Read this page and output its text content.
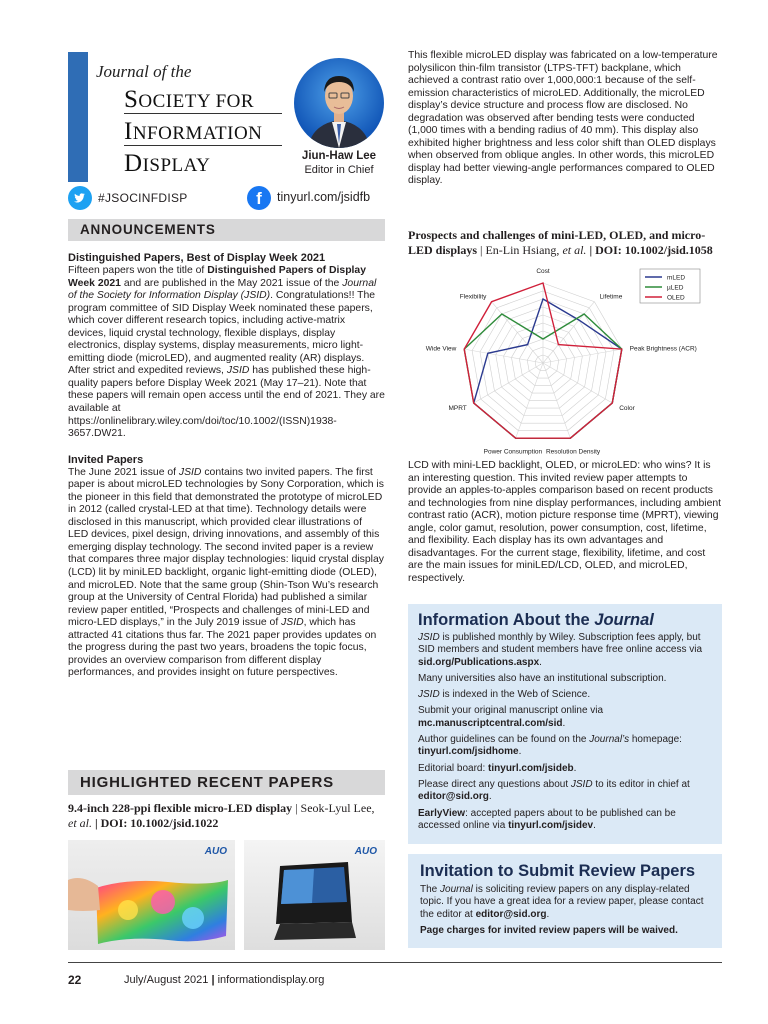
Journal of the
SOCIETY FOR
INFORMATION
DISPLAY	Jiun-Haw Lee
Editor in Chief
#JSOCINFDISP	f	tinyurl.com/jsidfb
ANNOUNCEMENTS
Distinguished Papers, Best of Display Week 2021

Fifteen papers won the title of Distinguished Papers of Display Week 2021 and are published in the May 2021 issue of the Journal of the Society for Information Display (JSID). Congratulations!! The program committee of SID Display Week nominated these papers, which cover different research topics, including active-matrix devices, liquid crystal technology, flexible displays, display electronics, display systems, display measurements, micro light-emitting diode (microLED), and augmented reality (AR) displays. After strict and expedited reviews, JSID has published these high-quality papers before Display Week 2021 (May 17–21). Note that these papers will remain open access until the end of 2021. They are available at https://onlinelibrary.wiley.com/doi/toc/10.1002/(ISSN)1938-3657.DW21.

Invited Papers

The June 2021 issue of JSID contains two invited papers. The first paper is about microLED technologies by Sony Corporation, which is the pioneer in this field that demonstrated the prototype of microLED in 2012 (called crystal-LED at that time). Technology details were disclosed in this manuscript, which provided clear illustrations of LED devices, pixel design, driving innovations, and assembly of this emerging display technology. The second invited paper is a review that compares three major display technologies: liquid crystal display (LCD) lit by miniLED backlight, organic light-emitting diode (OLED), and microLED. Note that the same group (Shin-Tson Wu’s research group at the University of Central Florida) had published a similar review paper entitled, “Prospects and challenges of mini-LED and micro-LED displays,” in the July 2019 issue of JSID, which has attracted 41 citations thus far. The 2021 paper provides updates on the progress during the past two years, broadens the topic focus, provides an overview comparison from different display performances, and provides insight on future perspectives.

HIGHLIGHTED RECENT PAPERS
9.4-inch 228-ppi flexible micro-LED display | Seok-Lyul Lee, et al. | DOI: 10.1002/jsid.1022
AUO	AUO

This flexible microLED display was fabricated on a low-temperature polysilicon thin-film transistor (LTPS-TFT) backplane, which achieved a contrast ratio over 1,000,000:1 because of the self-emission characteristics of microLED. Additionally, the microLED display’s device structure and process flow are disclosed. No degradation was observed after bending tests were conducted (1,000 times with a bending radius of 40 mm). This display also exhibited higher brightness and less color shift than OLED displays when observed from oblique angles. In other words, this microLED display had better viewing-angle performances compared to OLED display.

Prospects and challenges of mini-LED, OLED, and micro-LED displays | En-Lin Hsiang, et al. | DOI: 10.1002/jsid.1058
Cost
Lifetime
Peak Brightness (ACR)
Color
Resolution Density
Power Consumption
MPRT
Wide View
Flexibility
mLED
µLED
OLED

LCD with mini-LED backlight, OLED, or microLED: who wins? It is an interesting question. This invited review paper attempts to provide an apples-to-apples comparison based on recent products and technologies from nine display performances, including ambient contrast ratio (ACR), motion picture response time (MPRT), viewing angle, color gamut, resolution, power consumption, cost, lifetime, and flexibility. Each display has its own advantages and disadvantages. For the current stage, flexibility, lifetime, and cost are the main issues for miniLED/LCD, OLED, and microLED, respectively.

Information About the Journal
JSID is published monthly by Wiley. Subscription fees apply, but SID members and student members have free online access via sid.org/Publications.aspx.
Many universities also have an institutional subscription.
JSID is indexed in the Web of Science.
Submit your original manuscript online via mc.manuscriptcentral.com/sid.
Author guidelines can be found on the Journal’s homepage: tinyurl.com/jsidhome.
Editorial board: tinyurl.com/jsideb.
Please direct any questions about JSID to its editor in chief at editor@sid.org.
EarlyView: accepted papers about to be published can be accessed online via tinyurl.com/jsidev.
Invitation to Submit Review Papers
The Journal is soliciting review papers on any display-related topic. If you have a great idea for a review paper, please contact the editor at editor@sid.org.
Page charges for invited review papers will be waived.
22	July/August 2021 | informationdisplay.org
